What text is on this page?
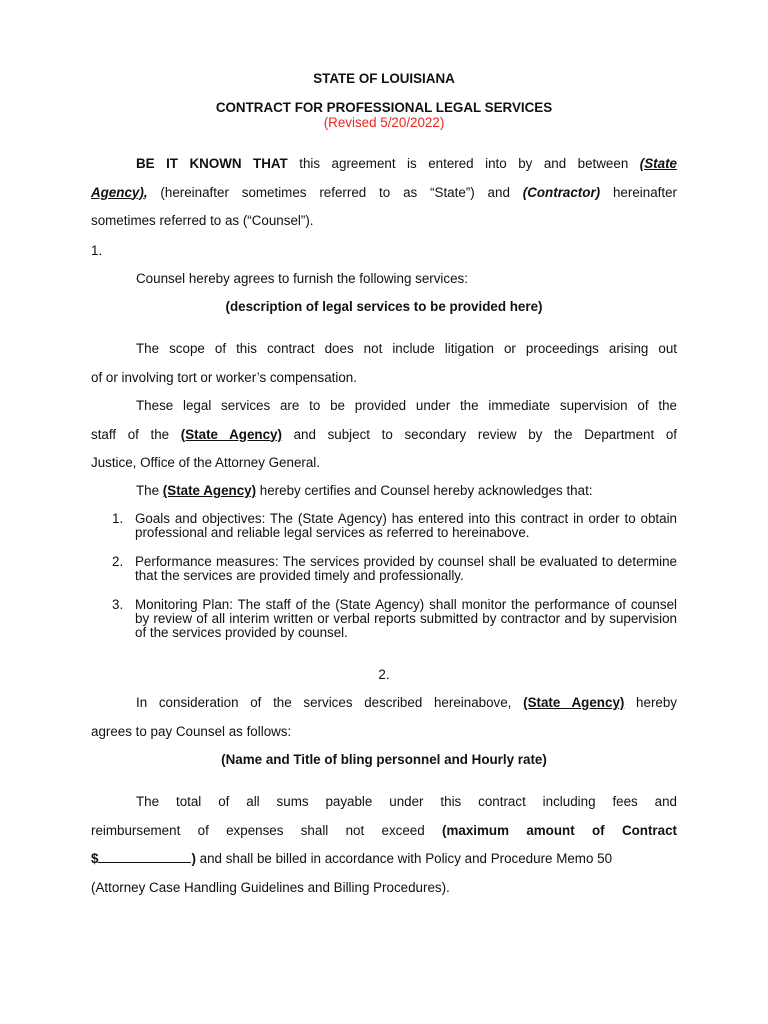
STATE OF LOUISIANA
CONTRACT FOR PROFESSIONAL LEGAL SERVICES
(Revised 5/20/2022)
BE IT KNOWN THAT this agreement is entered into by and between (State
Agency), (hereinafter sometimes referred to as “State”) and (Contractor) hereinafter
sometimes referred to as (“Counsel”).
1.
Counsel hereby agrees to furnish the following services:
(description of legal services to be provided here)
The scope of this contract does not include litigation or proceedings arising out
of or involving tort or worker’s compensation.
These legal services are to be provided under the immediate supervision of the
staff of the (State Agency) and subject to secondary review by the Department of
Justice, Office of the Attorney General.
The (State Agency) hereby certifies and Counsel hereby acknowledges that:
1. Goals and objectives: The (State Agency) has entered into this contract in order to obtain professional and reliable legal services as referred to hereinabove.
2. Performance measures: The services provided by counsel shall be evaluated to determine that the services are provided timely and professionally.
3. Monitoring Plan: The staff of the (State Agency) shall monitor the performance of counsel by review of all interim written or verbal reports submitted by contractor and by supervision of the services provided by counsel.
2.
In consideration of the services described hereinabove, (State Agency) hereby
agrees to pay Counsel as follows:
(Name and Title of bling personnel and Hourly rate)
The total of all sums payable under this contract including fees and
reimbursement of expenses shall not exceed (maximum amount of Contract
$	) and shall be billed in accordance with Policy and Procedure Memo 50
(Attorney Case Handling Guidelines and Billing Procedures).
